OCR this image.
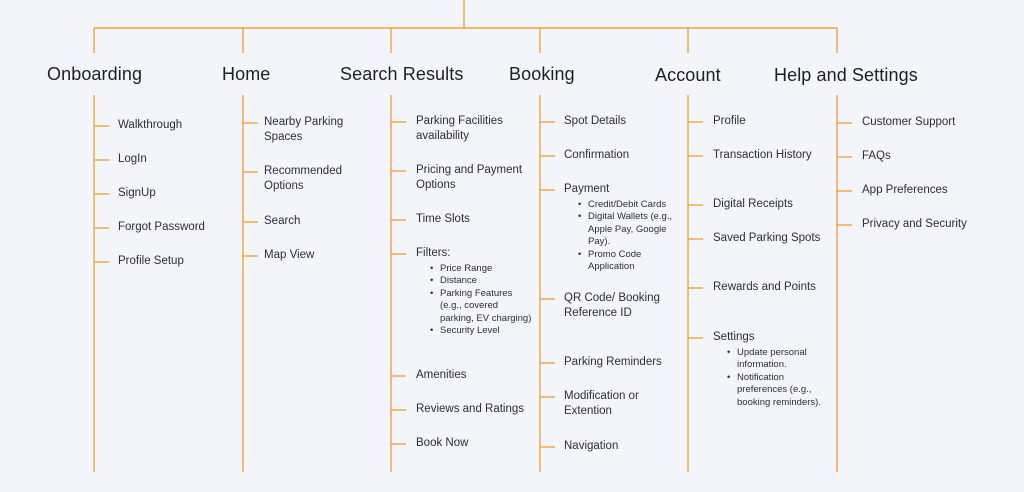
Onboarding
Walkthrough
LogIn
SignUp
Forgot Password
Profile Setup
Home
Nearby Parking Spaces
Recommended Options
Search
Map View
Search Results
Parking Facilities availability
Pricing and Payment Options
Time Slots
Filters:
• Price Range
• Distance
• Parking Features (e.g., covered parking, EV charging)
• Security Level
Amenities
Reviews and Ratings
Book Now
Booking
Spot Details
Confirmation
Payment
• Credit/Debit Cards
• Digital Wallets (e.g., Apple Pay, Google Pay).
• Promo Code Application
QR Code/ Booking Reference ID
Parking Reminders
Modification or Extention
Navigation
Account
Profile
Transaction History
Digital Receipts
Saved Parking Spots
Rewards and Points
Settings
• Update personal information.
• Notification preferences (e.g., booking reminders).
Help and Settings
Customer Support
FAQs
App Preferences
Privacy and Security
